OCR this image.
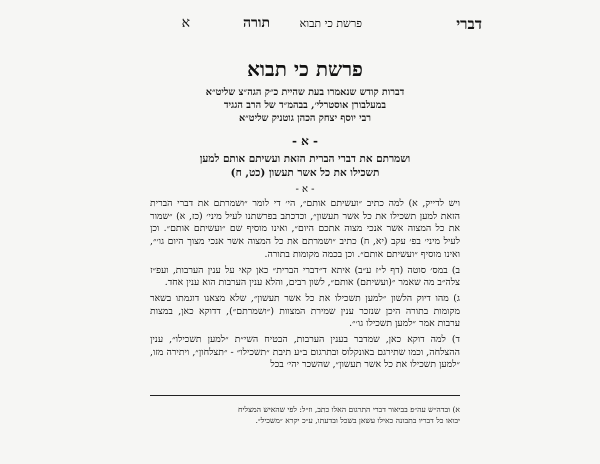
דברי
פרשת כי תבוא
תורה
א
פרשת כי תבוא

דברות קודש שנאמרו בעת שהיית כ״ק הגה״צ שליט״א

במעלבורן אוסטרלי׳, בבהמ״ד של הרב הגגיד

רבי יוסף יצחק הכהן גוטניק שליט״א

- א -

ושמרתם את דברי הברית הזאת ועשיתם אותם למען

תשכילו את כל אשר תעשון (כט, ח)

- א -

ויש לדייק, א) למה כתיב ״ועשיתם אותם״, הי׳ די לומר ״ושמרתם את דברי הברית הזאת למען תשכילו את כל אשר תעשון״, וכדכתב בפרשתנו לעיל מיני׳ (כז, א) ״שמור את כל המצוה אשר אנכי מצוה אתכם היום״, ואינו מוסיף שם ״ועשיתם אותם״. וכן לעיל מיני׳ בפ׳ עקב (יא, ח) כתיב ״ושמרתם את כל המצוה אשר אנכי מצוך היום גו׳״, ואינו מוסיף ״ועשיתם אותם״. וכן בכמה מקומות בתורה.

ב) במס׳ סוטה (דף ל״ז ע״ב) איתא ד״דברי הברית״ כאן קאי על ענין הערבות, ועפ״ז צלה״ב מה שאמר ״(ועשיתם) אותם״, לשון רבים, והלא ענין הערבות הוא ענין אחד.

ג) מהו דיוק הלשון ״למען תשכילו את כל אשר תעשון״, שלא מצאנו דוגמתו בשאר מקומות בתורה היכן שנזכר ענין שמירת המצוות (״ושמרתם״), דדוקא כאן, במצות ערבות אמר ״למען תשכילו גו׳״.

ד) למה דוקא כאן, שמדבר בענין הערבות, הבטיח השי״ת ״למען תשכילו״, ענין ההצלחה, וכמו שתירגם באונקלוס ובתרגום ב״ע תיבת ״תשכילו״ - ״תצלחון״, ויתירה מזו, ״למען תשכילו את כל אשר תעשון״, שהשכר יהי׳ בכל

א) ובדה״ש עה״פ בביאור דברי התרגום האלו כתב, וז״ל: לפי שהאיש המצליח
יבואו כל דבריו בתבונה כאילו עשאן בשכל ובדעתו, ע״כ יקרא ״משכיל״.
